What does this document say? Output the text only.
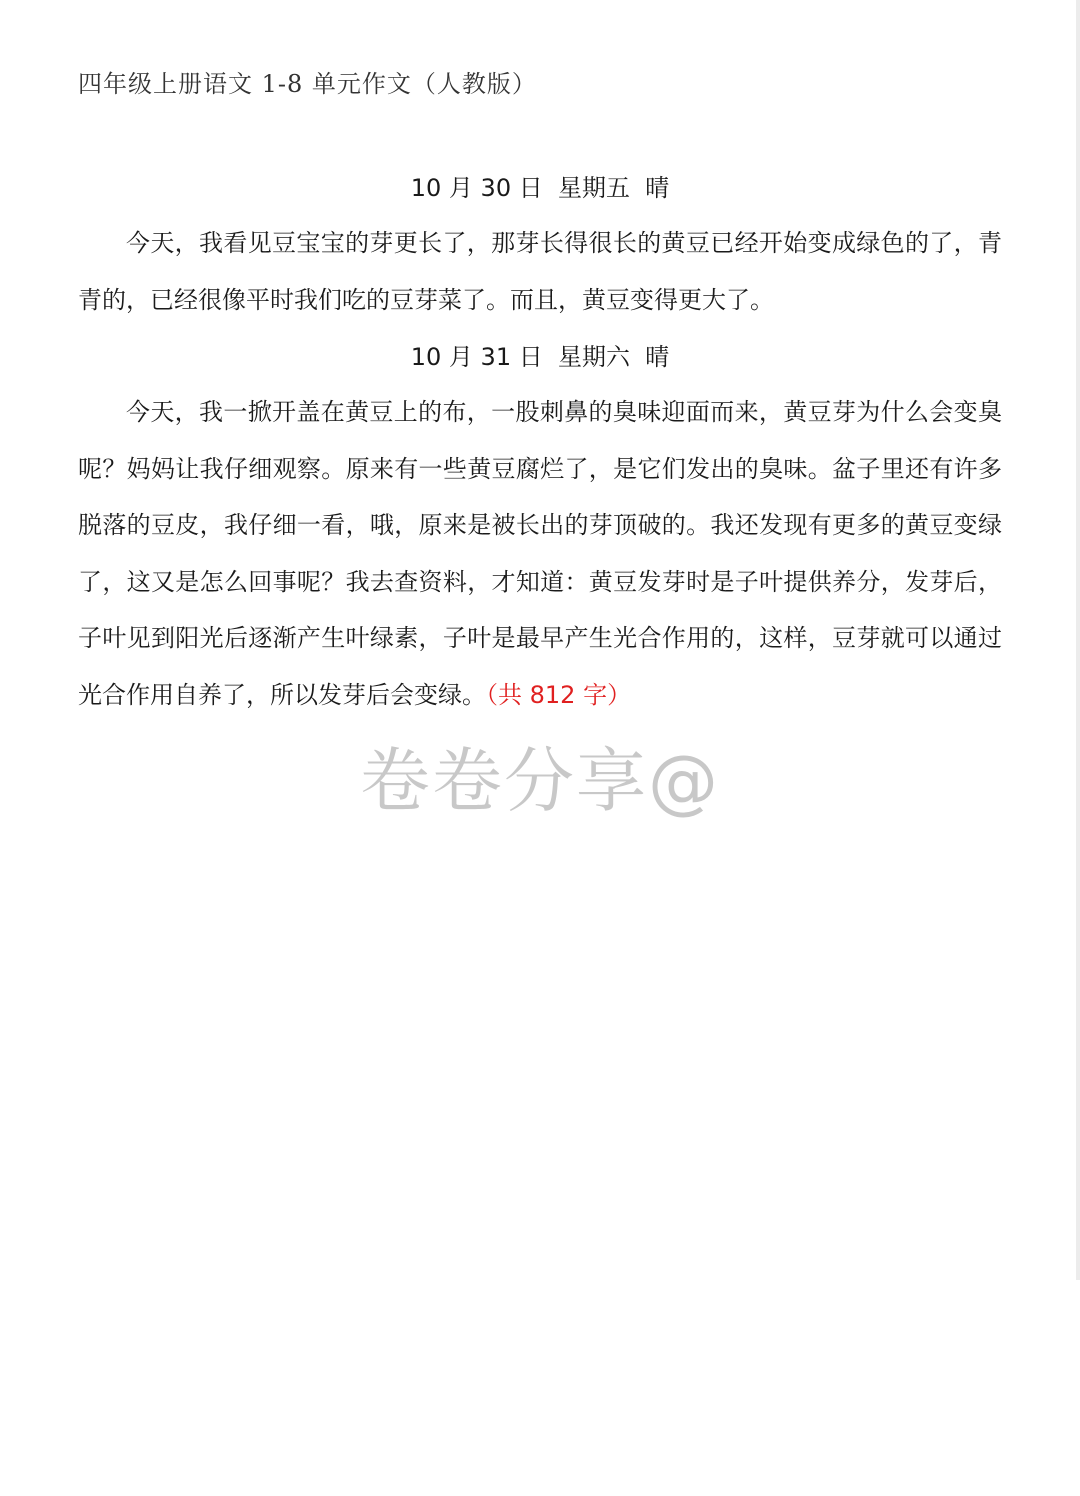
四年级上册语文 1-8 单元作文（人教版）
10 月 30 日  星期五  晴

今天，我看见豆宝宝的芽更长了，那芽长得很长的黄豆已经开始变成绿色的了，青青的，已经很像平时我们吃的豆芽菜了。而且，黄豆变得更大了。

10 月 31 日  星期六  晴

今天，我一掀开盖在黄豆上的布，一股刺鼻的臭味迎面而来，黄豆芽为什么会变臭呢？妈妈让我仔细观察。原来有一些黄豆腐烂了，是它们发出的臭味。盆子里还有许多脱落的豆皮，我仔细一看，哦，原来是被长出的芽顶破的。我还发现有更多的黄豆变绿了，这又是怎么回事呢？我去查资料，才知道：黄豆发芽时是子叶提供养分，发芽后，子叶见到阳光后逐渐产生叶绿素，子叶是最早产生光合作用的，这样，豆芽就可以通过光合作用自养了，所以发芽后会变绿。（共 812 字）

卷卷分享@
